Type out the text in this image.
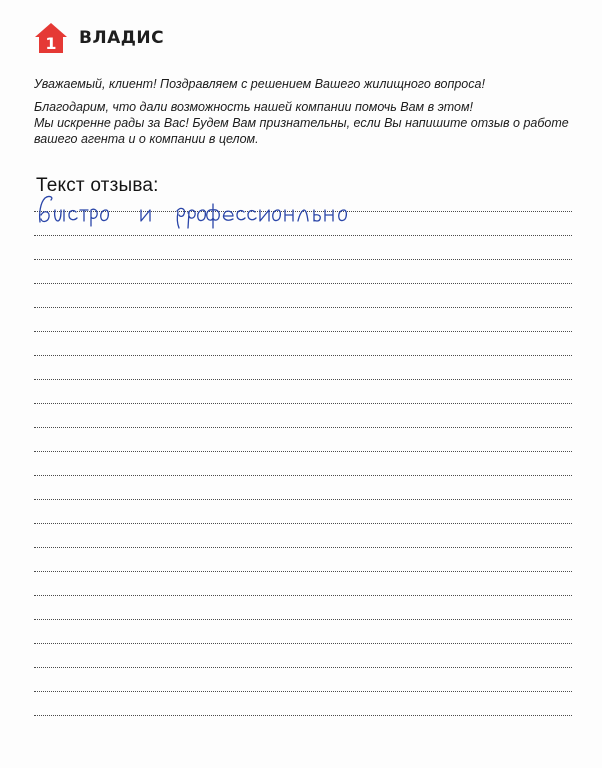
1 ВЛАДИС

Уважаемый, клиент! Поздравляем с решением Вашего жилищного вопроса!

Благодарим, что дали возможность нашей компании помочь Вам в этом!

Мы искренне рады за Вас! Будем Вам признательны, если Вы напишите отзыв о работе

вашего агента и о компании в целом.

Текст отзыва:
